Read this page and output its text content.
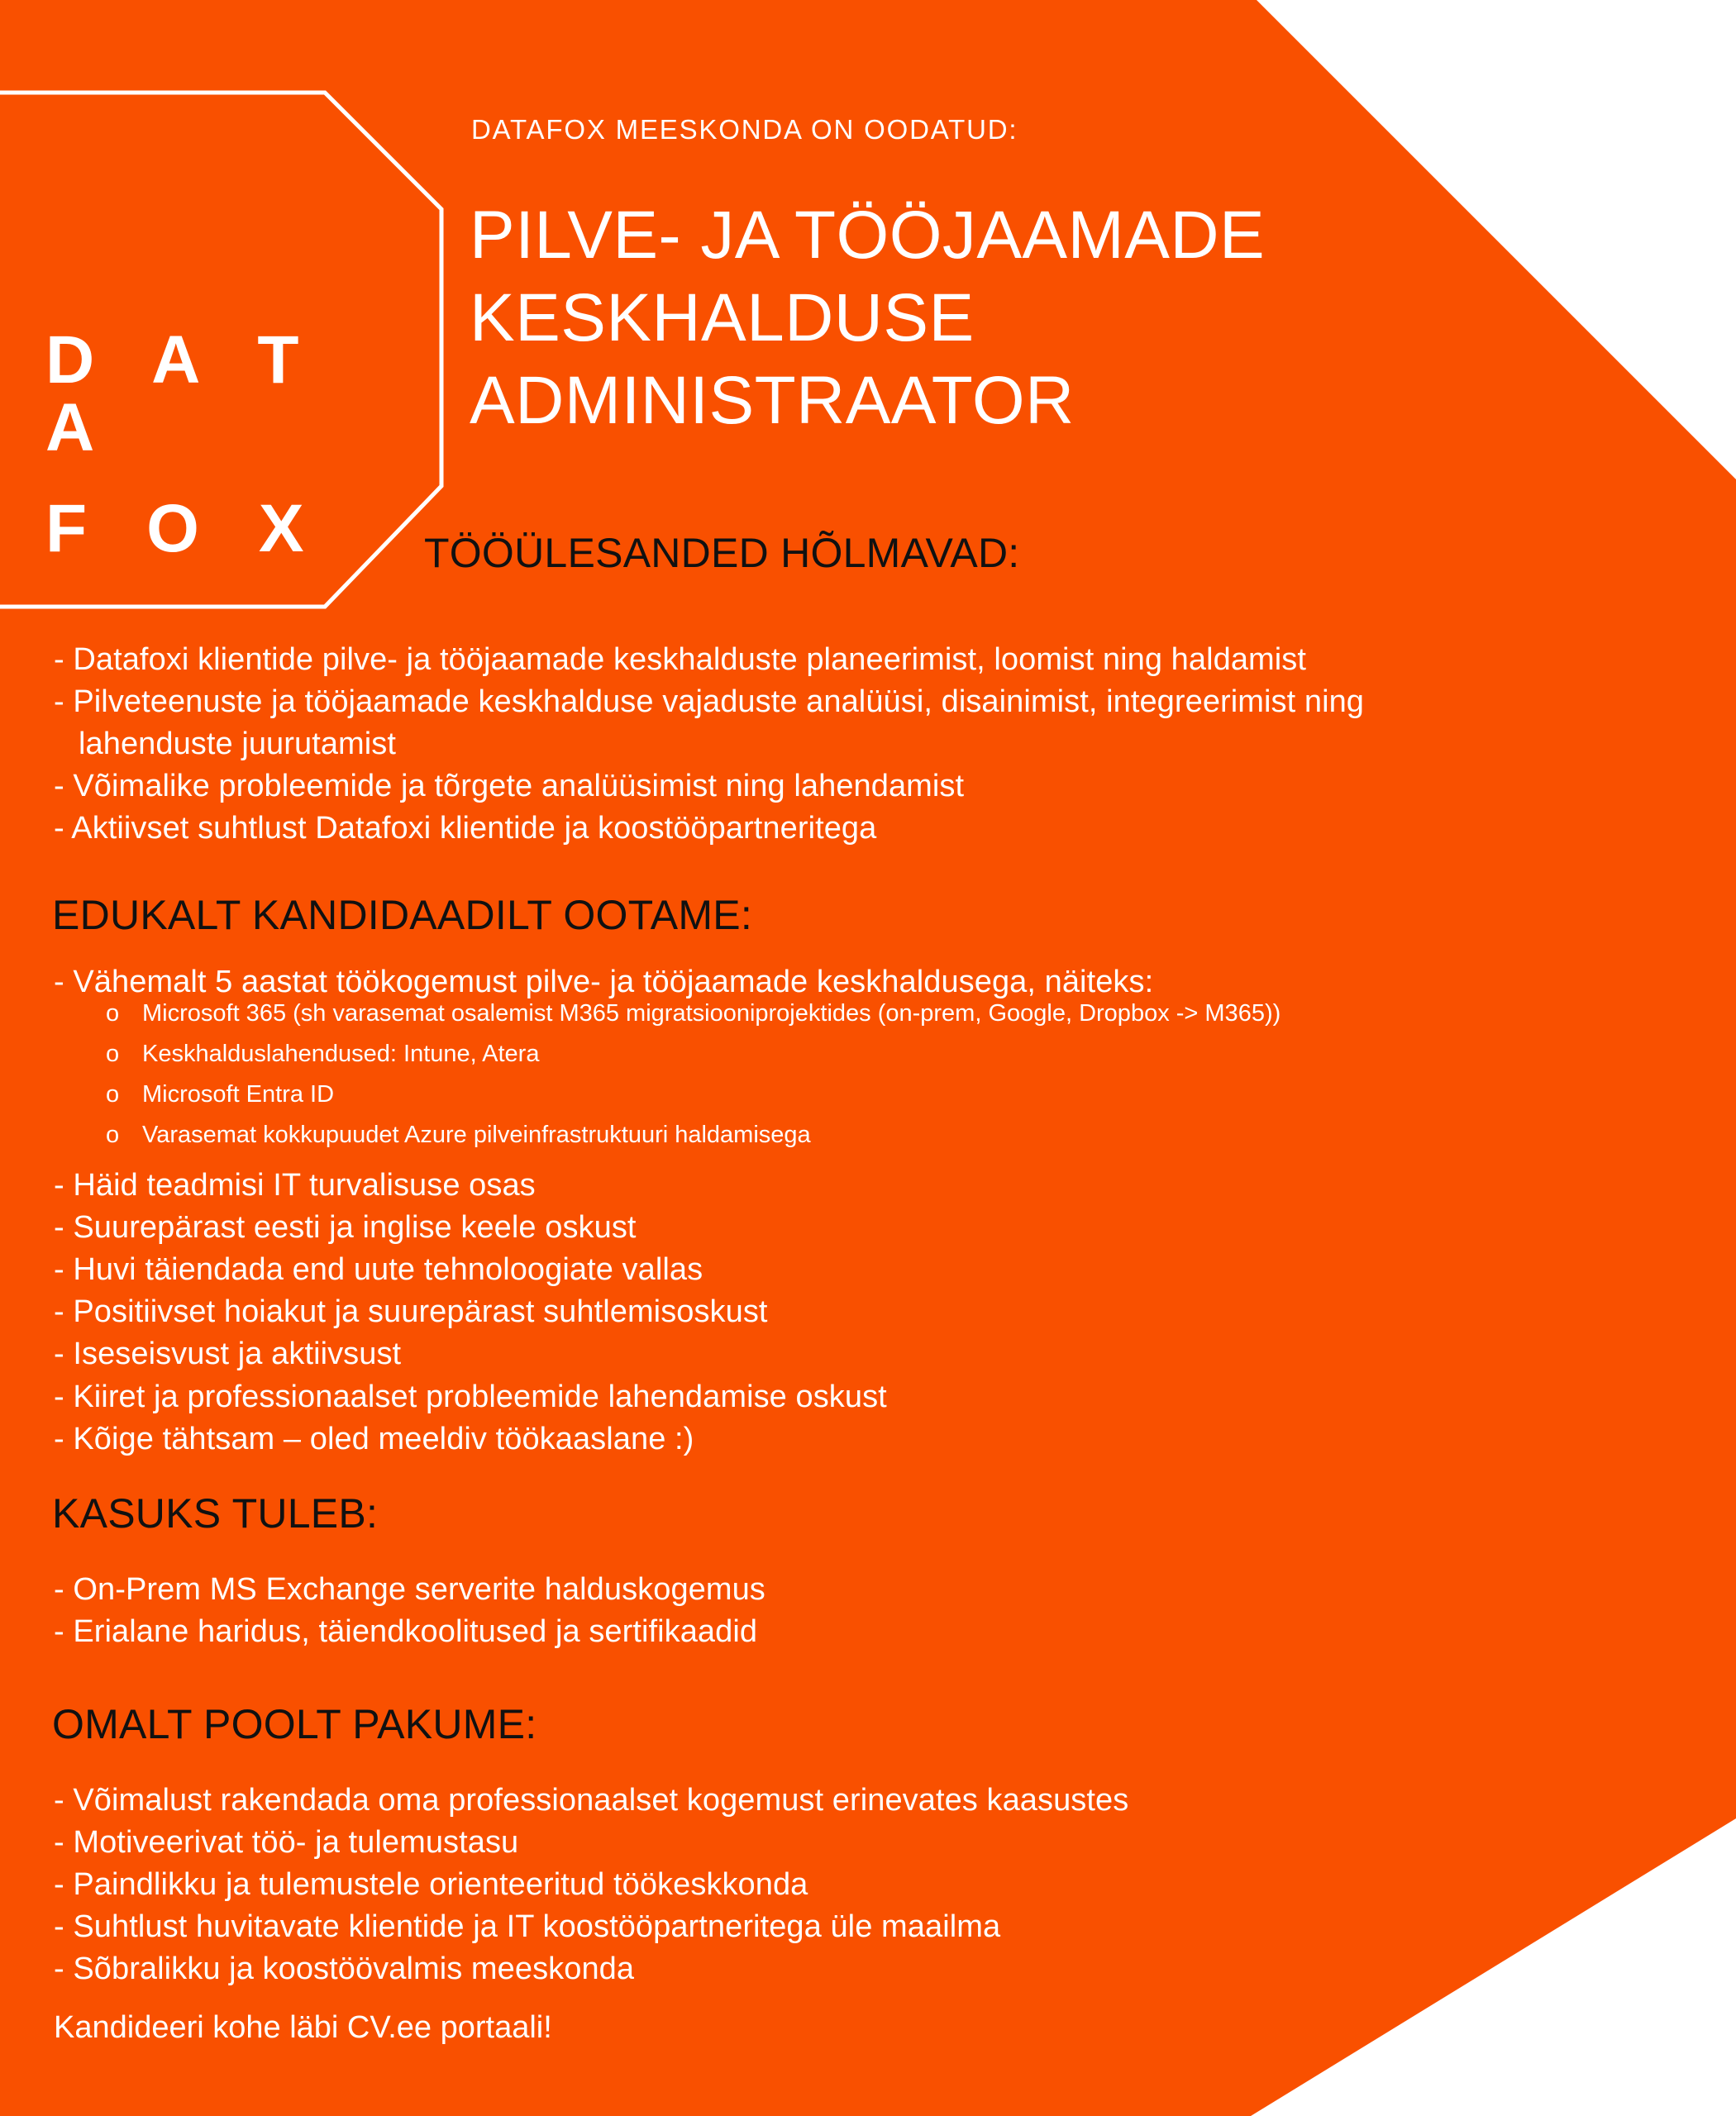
D A T A
F O X
DATAFOX MEESKONDA ON OODATUD:
PILVE- JA TÖÖJAAMADE KESKHALDUSE ADMINISTRAATOR
TÖÖÜLESANDED HÕLMAVAD:
- Datafoxi klientide pilve- ja tööjaamade keskhalduste planeerimist, loomist ning haldamist
- Pilveteenuste ja tööjaamade keskhalduse vajaduste analüüsi, disainimist, integreerimist ning
lahenduste juurutamist
- Võimalike probleemide ja tõrgete analüüsimist ning lahendamist
- Aktiivset suhtlust Datafoxi klientide ja koostööpartneritega
EDUKALT KANDIDAADILT OOTAME:
- Vähemalt 5 aastat töökogemust pilve- ja tööjaamade keskhaldusega, näiteks:
o Microsoft 365 (sh varasemat osalemist M365 migratsiooniprojektides (on-prem, Google, Dropbox -> M365))
o Keskhalduslahendused: Intune, Atera
o Microsoft Entra ID
o Varasemat kokkupuudet Azure pilveinfrastruktuuri haldamisega
- Häid teadmisi IT turvalisuse osas
- Suurepärast eesti ja inglise keele oskust
- Huvi täiendada end uute tehnoloogiate vallas
- Positiivset hoiakut ja suurepärast suhtlemisoskust
- Iseseisvust ja aktiivsust
- Kiiret ja professionaalset probleemide lahendamise oskust
- Kõige tähtsam – oled meeldiv töökaaslane :)
KASUKS TULEB:
- On-Prem MS Exchange serverite halduskogemus
- Erialane haridus, täiendkoolitused ja sertifikaadid
OMALT POOLT PAKUME:
- Võimalust rakendada oma professionaalset kogemust erinevates kaasustes
- Motiveerivat töö- ja tulemustasu
- Paindlikku ja tulemustele orienteeritud töökeskkonda
- Suhtlust huvitavate klientide ja IT koostööpartneritega üle maailma
- Sõbralikku ja koostöövalmis meeskonda
Kandideeri kohe läbi CV.ee portaali!
